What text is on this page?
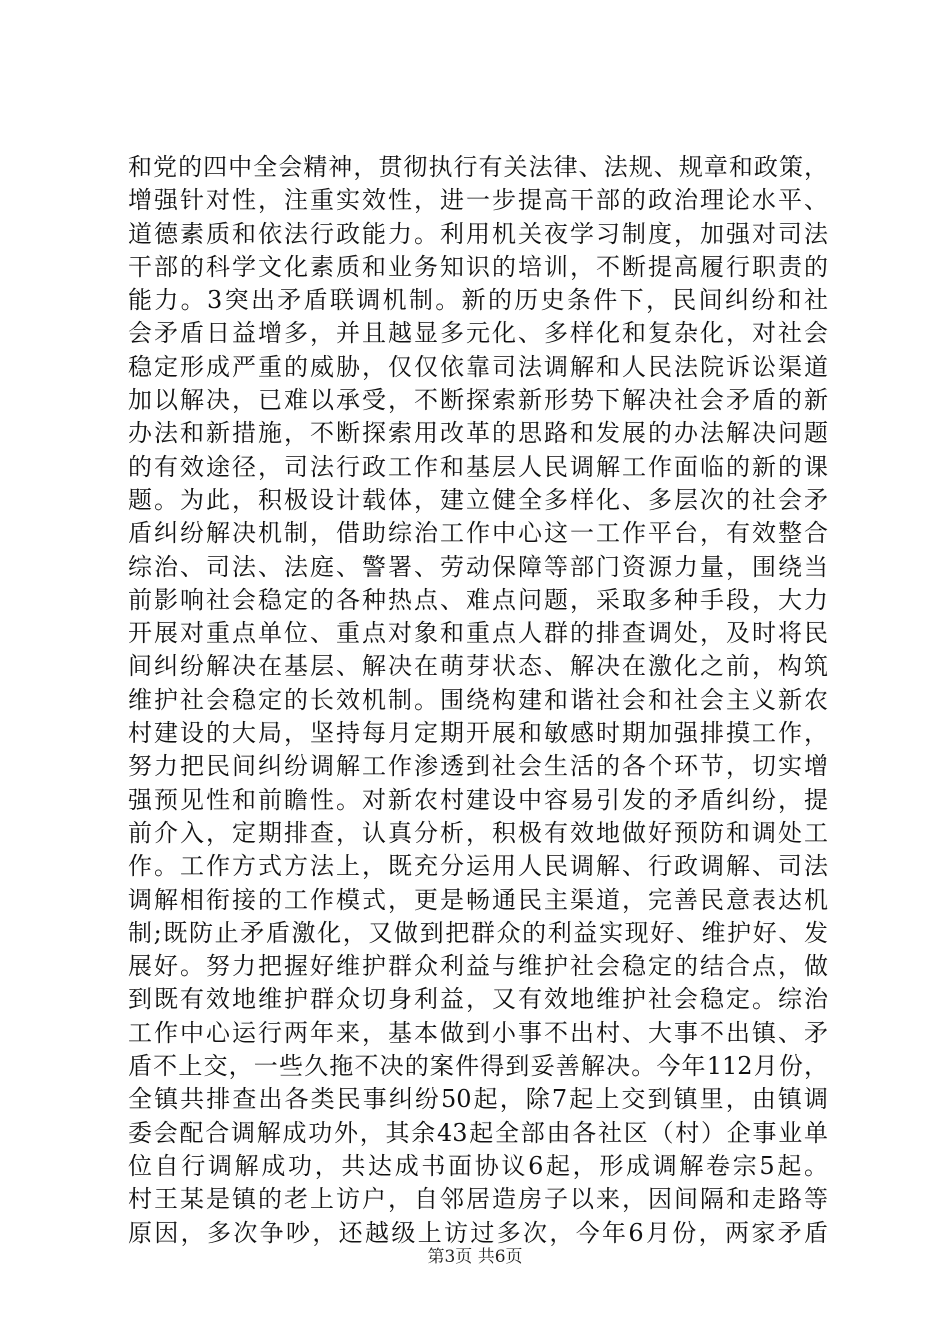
和党的四中全会精神，贯彻执行有关法律、法规、规章和政策，
增强针对性，注重实效性，进一步提高干部的政治理论水平、
道德素质和依法行政能力。利用机关夜学习制度，加强对司法
干部的科学文化素质和业务知识的培训，不断提高履行职责的
能力。3突出矛盾联调机制。新的历史条件下，民间纠纷和社
会矛盾日益增多，并且越显多元化、多样化和复杂化，对社会
稳定形成严重的威胁，仅仅依靠司法调解和人民法院诉讼渠道
加以解决，已难以承受，不断探索新形势下解决社会矛盾的新
办法和新措施，不断探索用改革的思路和发展的办法解决问题
的有效途径，司法行政工作和基层人民调解工作面临的新的课
题。为此，积极设计载体，建立健全多样化、多层次的社会矛
盾纠纷解决机制，借助综治工作中心这一工作平台，有效整合
综治、司法、法庭、警署、劳动保障等部门资源力量，围绕当
前影响社会稳定的各种热点、难点问题，采取多种手段，大力
开展对重点单位、重点对象和重点人群的排查调处，及时将民
间纠纷解决在基层、解决在萌芽状态、解决在激化之前，构筑
维护社会稳定的长效机制。围绕构建和谐社会和社会主义新农
村建设的大局，坚持每月定期开展和敏感时期加强排摸工作，
努力把民间纠纷调解工作渗透到社会生活的各个环节，切实增
强预见性和前瞻性。对新农村建设中容易引发的矛盾纠纷，提
前介入，定期排查，认真分析，积极有效地做好预防和调处工
作。工作方式方法上，既充分运用人民调解、行政调解、司法
调解相衔接的工作模式，更是畅通民主渠道，完善民意表达机
制;既防止矛盾激化，又做到把群众的利益实现好、维护好、发
展好。努力把握好维护群众利益与维护社会稳定的结合点，做
到既有效地维护群众切身利益，又有效地维护社会稳定。综治
工作中心运行两年来，基本做到小事不出村、大事不出镇、矛
盾不上交，一些久拖不决的案件得到妥善解决。今年112月份，
全镇共排查出各类民事纠纷50起，除7起上交到镇里，由镇调
委会配合调解成功外，其余43起全部由各社区（村）企事业单
位自行调解成功，共达成书面协议6起，形成调解卷宗5起。
村王某是镇的老上访户，自邻居造房子以来，因间隔和走路等
原因，多次争吵，还越级上访过多次，今年6月份，两家矛盾
第3页 共6页
